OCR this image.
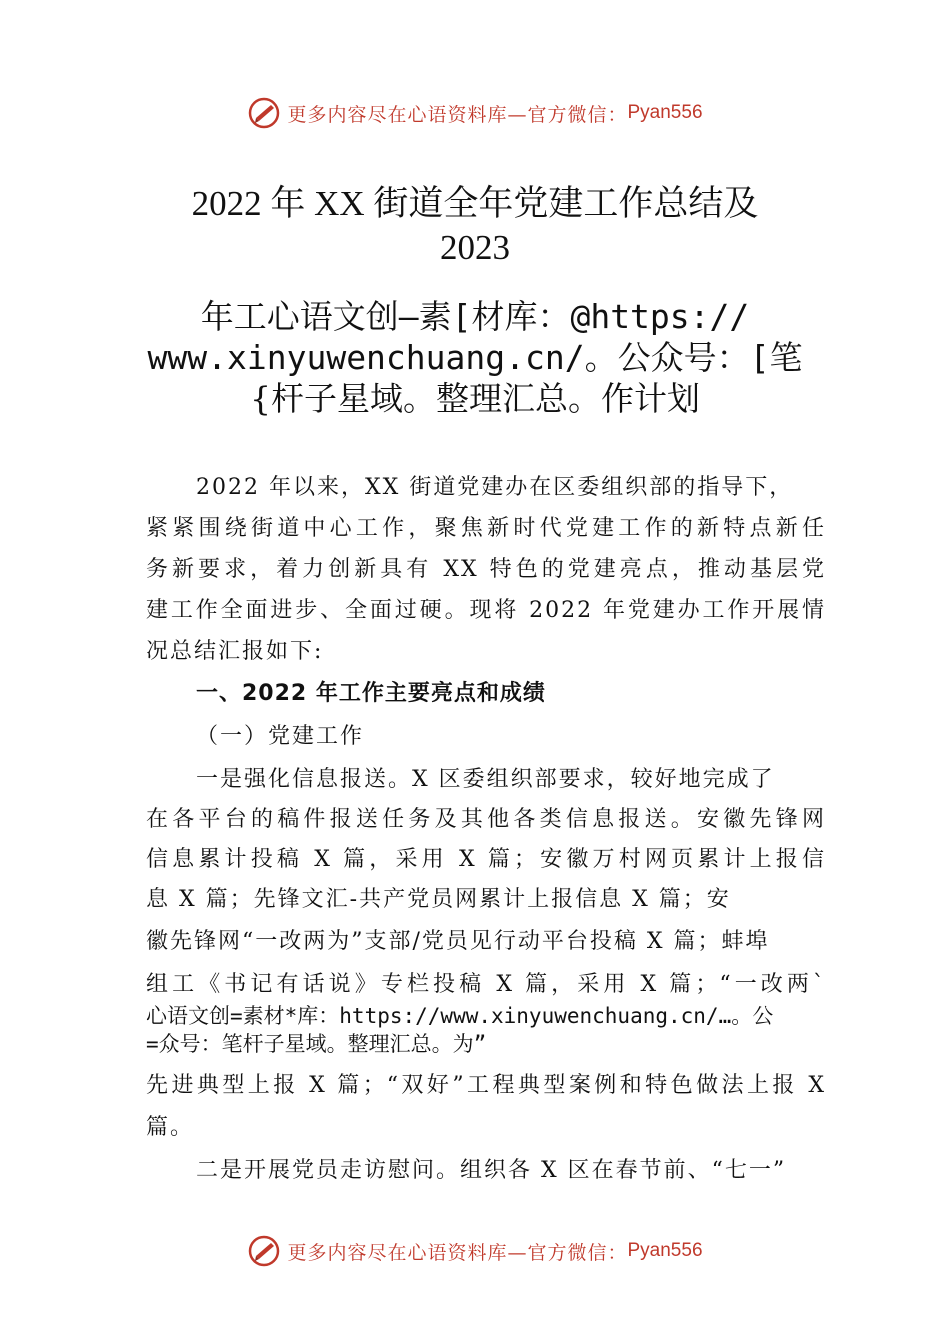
更多内容尽在心语资料库 —官方微信： Pyan556
2022 年 XX 街道全年党建工作总结及
2023
年工心语文创—素[材库：@https://
www.xinyuwenchuang.cn/。公众号：[笔
{杆子星域。整理汇总。作计划
2022 年以来，XX 街道党建办在区委组织部的指导下，
紧紧围绕街道中心工作，聚焦新时代党建工作的新特点新任
务新要求，着力创新具有 XX 特色的党建亮点，推动基层党
建工作全面进步、全面过硬。现将 2022 年党建办工作开展情
况总结汇报如下:
一、2022 年工作主要亮点和成绩
（一）党建工作
一是强化信息报送。X 区委组织部要求，较好地完成了
在各平台的稿件报送任务及其他各类信息报送。安徽先锋网
信息累计投稿 X 篇，采用 X 篇；安徽万村网页累计上报信
息 X 篇；先锋文汇-共产党员网累计上报信息 X 篇；安
徽先锋网“一改两为”支部/党员见行动平台投稿 X 篇；蚌埠
组工《书记有话说》专栏投稿 X 篇，采用 X 篇；“一改两`
心语文创=素材*库：https://www.xinyuwenchuang.cn/…。公
=众号：笔杆子星域。整理汇总。为”
先进典型上报 X 篇；“双好”工程典型案例和特色做法上报 X
篇。
二是开展党员走访慰问。组织各 X 区在春节前、“七一”
更多内容尽在心语资料库 —官方微信： Pyan556
